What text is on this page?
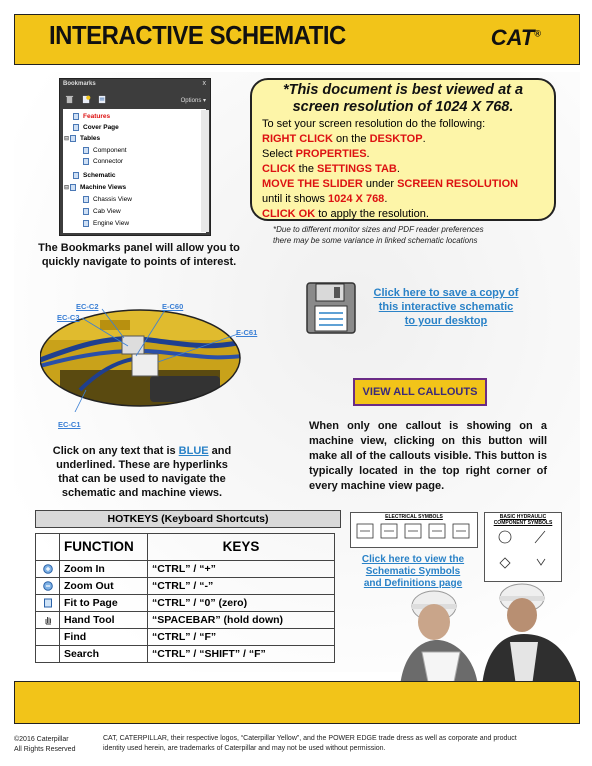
INTERACTIVE SCHEMATIC	CAT®
Bookmarks	x
Options ▾
Features
Cover Page
⊟ Tables
Component
Connector
Schematic
⊟ Machine Views
Chassis View
Cab View
Engine View
The Bookmarks panel will allow you to
quickly navigate to points of interest.
*This document is best viewed at a
screen resolution of 1024 X 768.
To set your screen resolution do the following:
RIGHT CLICK on the DESKTOP.
Select PROPERTIES.
CLICK the SETTINGS TAB.
MOVE THE SLIDER under SCREEN RESOLUTION
until it shows 1024 X 768.
CLICK OK to apply the resolution.
*Due to different monitor sizes and PDF reader preferences
there may be some variance in linked schematic locations
EC-C2
EC-C3
E-C60
E-C61
EC-C1
Click here to save a copy of
this interactive schematic
to your desktop
VIEW ALL CALLOUTS
When only one callout is showing on a machine view, clicking on this button will make all of the callouts visible. This button is typically located in the top right corner of every machine view page.
Click on any text that is BLUE and
underlined. These are hyperlinks
that can be used to navigate the
schematic and machine views.
HOTKEYS (Keyboard Shortcuts)
	FUNCTION	KEYS
	Zoom In	“CTRL” / “+”
	Zoom Out	“CTRL” / “-”
	Fit to Page	“CTRL” / “0” (zero)
	Hand Tool	“SPACEBAR” (hold down)
	Find	“CTRL” / “F”
	Search	“CTRL” / “SHIFT” / “F”
ELECTRICAL SYMBOLS	BASIC HYDRAULIC
COMPONENT SYMBOLS
Click here to view the
Schematic Symbols
and Definitions page
©2016 Caterpillar
All Rights Reserved
CAT, CATERPILLAR, their respective logos, “Caterpillar Yellow”, and the POWER EDGE trade dress as well as corporate and product
identity used herein, are trademarks of Caterpillar and may not be used without permission.
